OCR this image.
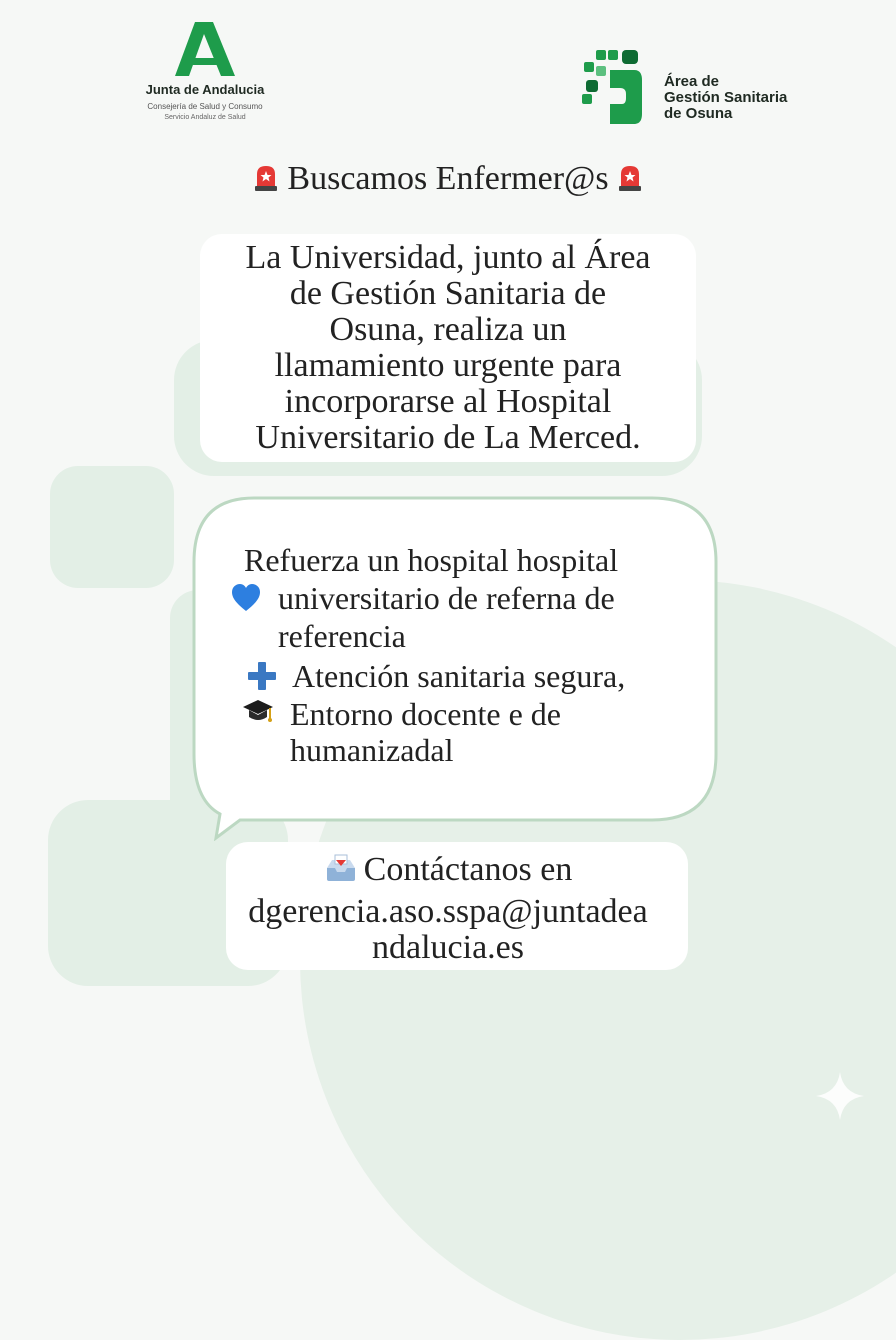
Junta de Andalucia
Consejería de Salud y Consumo
Servicio Andaluz de Salud
Área de
Gestión Sanitaria
de Osuna
Buscamos Enfermer@s
La Universidad, junto al Área
de Gestión Sanitaria de
Osuna, realiza un
llamamiento urgente para
incorporarse al Hospital
Universitario de La Merced.
Refuerza un hospital hospital
universitario de referna de
referencia
Atención sanitaria segura,
Entorno docente e de
humanizadal
Contáctanos en
dgerencia.aso.sspa@juntadea
ndalucia.es
